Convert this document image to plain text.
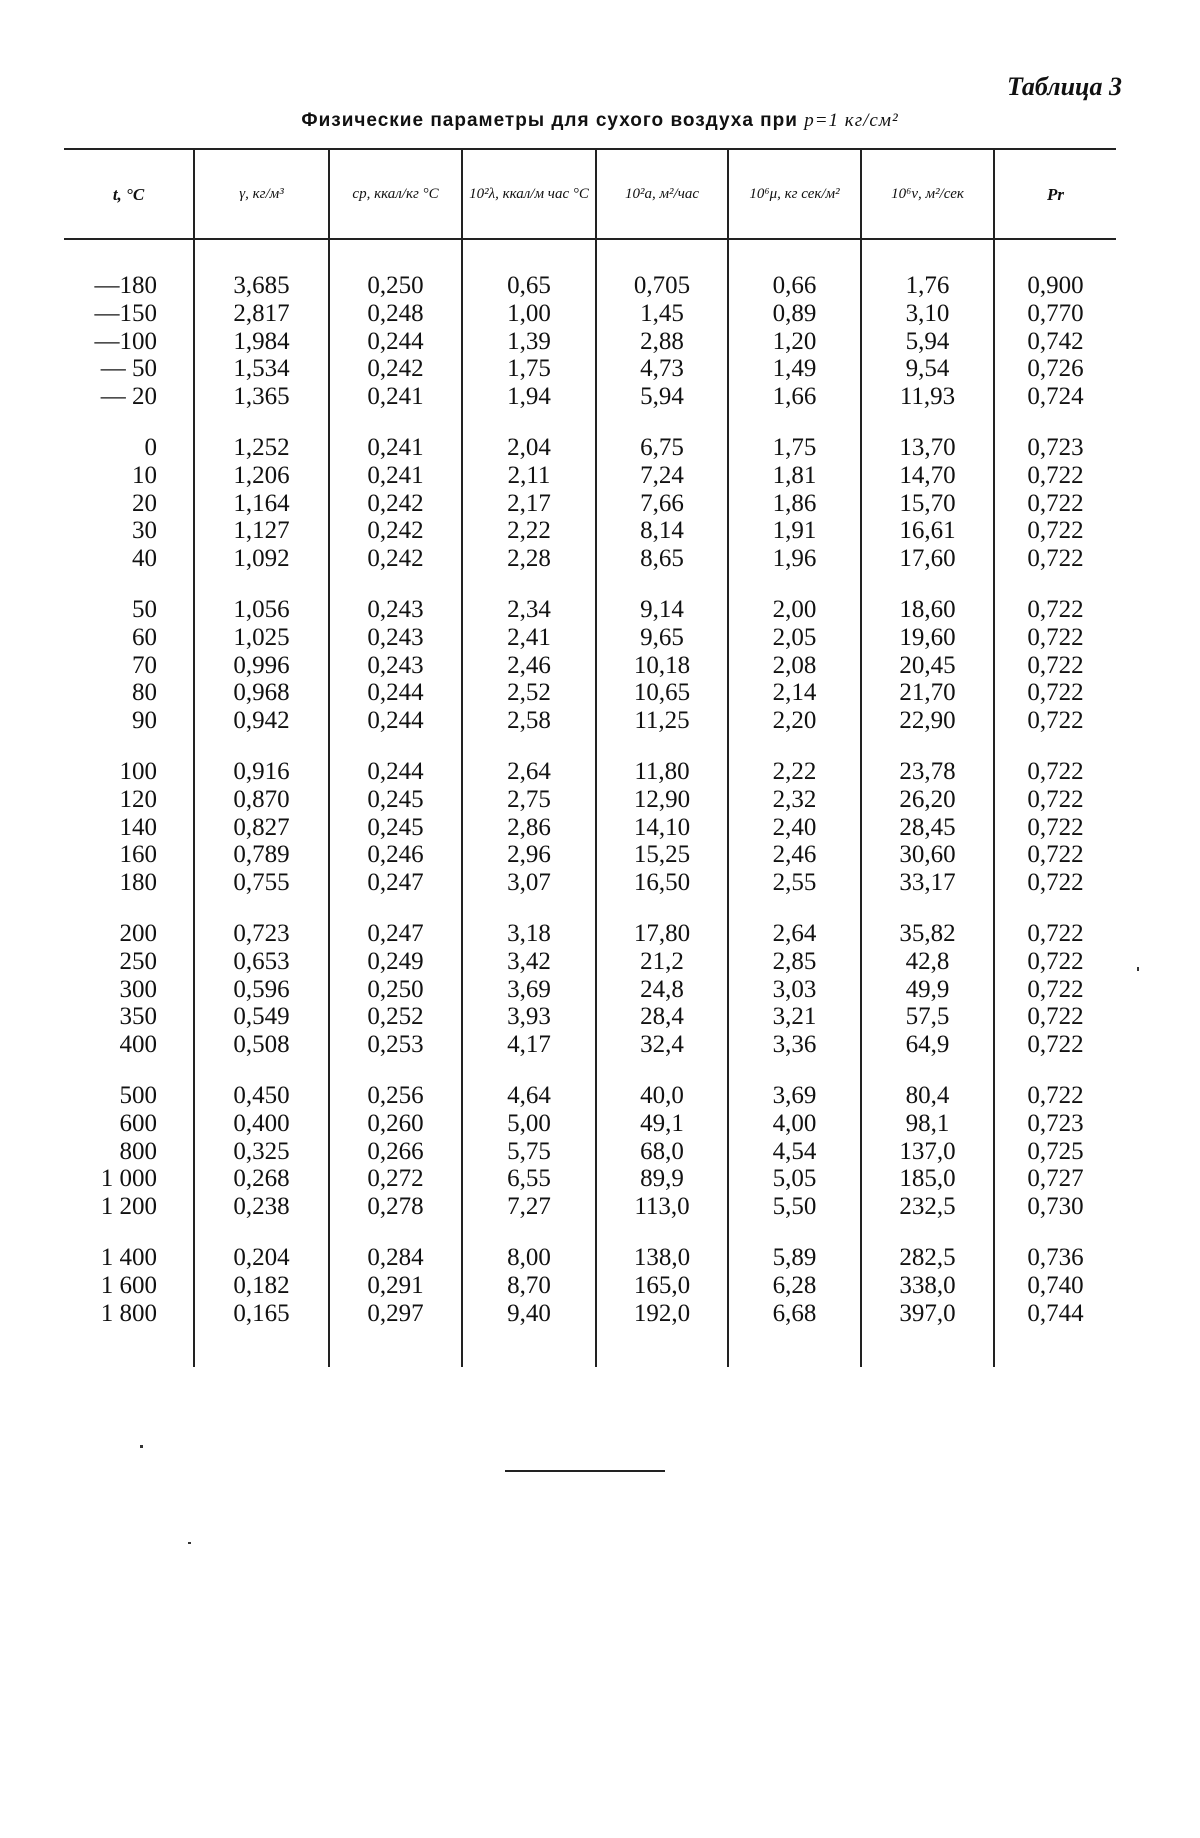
Таблица 3
Физические параметры для сухого воздуха при p=1 кг/см²
t, °C	γ, кг/м³	cp, ккал/кг °C	10²λ, ккал/м час °C	10²a, м²/час	10⁶μ, кг сек/м²	10⁶ν, м²/сек	Pr

—180	3,685	0,250	0,65	0,705	0,66	1,76	0,900
—150	2,817	0,248	1,00	1,45	0,89	3,10	0,770
—100	1,984	0,244	1,39	2,88	1,20	5,94	0,742
— 50	1,534	0,242	1,75	4,73	1,49	9,54	0,726
— 20	1,365	0,241	1,94	5,94	1,66	11,93	0,724

0	1,252	0,241	2,04	6,75	1,75	13,70	0,723
10	1,206	0,241	2,11	7,24	1,81	14,70	0,722
20	1,164	0,242	2,17	7,66	1,86	15,70	0,722
30	1,127	0,242	2,22	8,14	1,91	16,61	0,722
40	1,092	0,242	2,28	8,65	1,96	17,60	0,722

50	1,056	0,243	2,34	9,14	2,00	18,60	0,722
60	1,025	0,243	2,41	9,65	2,05	19,60	0,722
70	0,996	0,243	2,46	10,18	2,08	20,45	0,722
80	0,968	0,244	2,52	10,65	2,14	21,70	0,722
90	0,942	0,244	2,58	11,25	2,20	22,90	0,722

100	0,916	0,244	2,64	11,80	2,22	23,78	0,722
120	0,870	0,245	2,75	12,90	2,32	26,20	0,722
140	0,827	0,245	2,86	14,10	2,40	28,45	0,722
160	0,789	0,246	2,96	15,25	2,46	30,60	0,722
180	0,755	0,247	3,07	16,50	2,55	33,17	0,722

200	0,723	0,247	3,18	17,80	2,64	35,82	0,722
250	0,653	0,249	3,42	21,2	2,85	42,8	0,722
300	0,596	0,250	3,69	24,8	3,03	49,9	0,722
350	0,549	0,252	3,93	28,4	3,21	57,5	0,722
400	0,508	0,253	4,17	32,4	3,36	64,9	0,722

500	0,450	0,256	4,64	40,0	3,69	80,4	0,722
600	0,400	0,260	5,00	49,1	4,00	98,1	0,723
800	0,325	0,266	5,75	68,0	4,54	137,0	0,725
1 000	0,268	0,272	6,55	89,9	5,05	185,0	0,727
1 200	0,238	0,278	7,27	113,0	5,50	232,5	0,730

1 400	0,204	0,284	8,00	138,0	5,89	282,5	0,736
1 600	0,182	0,291	8,70	165,0	6,28	338,0	0,740
1 800	0,165	0,297	9,40	192,0	6,68	397,0	0,744
